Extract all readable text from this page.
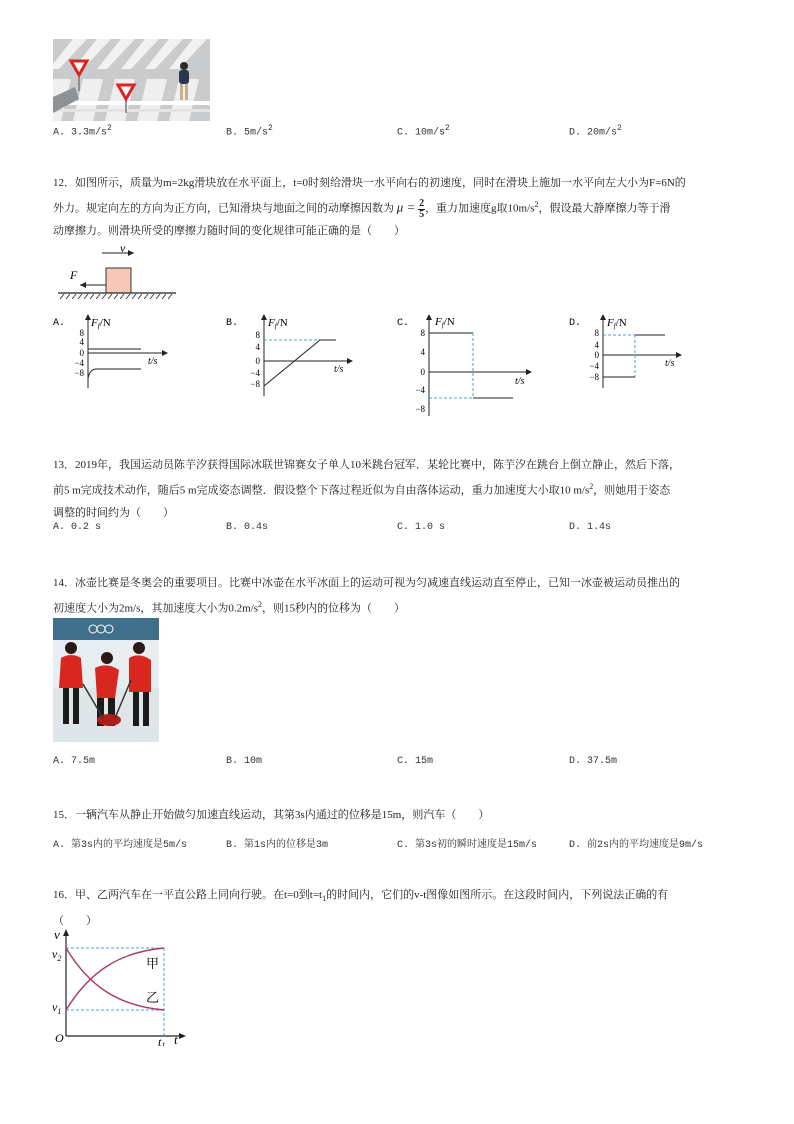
A. $3.3m/s^2$	B. $5m/s^2$	C. $10m/s^2$	D. $20m/s^2$
12．如图所示，质量为m=2kg滑块放在水平面上，t=0时刻给滑块一水平向右的初速度，同时在滑块上施加一水平向左大小为F=6N的
外力。规定向左的方向为正方向，已知滑块与地面之间的动摩擦因数为 $\mu = \frac{2}{5}$ ，重力加速度g取$10m/s^2$，假设最大静摩擦力等于滑
动摩擦力。则滑块所受的摩擦力随时间的变化规律可能正确的是（　　）
v
F
A. Ff/N
8
4
0
−4
−8
t/s
B.	Ff/N
8
4
0
−4
−8
t/s
C. Ff/N
8
4
0
−4
−8
t/s
D. Ff/N
8
4
0
−4
−8
t/s
13．2019年，我国运动员陈芋汐获得国际冰联世锦赛女子单人10米跳台冠军．某轮比赛中，陈芋汐在跳台上倒立静止，然后下落，
前5 m完成技术动作，随后5 m完成姿态调整．假设整个下落过程近似为自由落体运动，重力加速度大小取10 $m/s^2$，则她用于姿态
调整的时间约为（　　）
A. 0.2 s	B. 0.4s	C. 1.0 s	D. 1.4s
14．冰壶比赛是冬奥会的重要项目。比赛中冰壶在水平冰面上的运动可视为匀减速直线运动直至停止，已知一冰壶被运动员推出的
初速度大小为2m/s，其加速度大小为$0.2m/s^2$，则15秒内的位移为（　　）
A. 7.5m	B. 10m	C. 15m	D. 37.5m
15．一辆汽车从静止开始做匀加速直线运动，其第3s内通过的位移是15m，则汽车（　　）
A. 第3s内的平均速度是5m/s	B. 第1s内的位移是3m	C. 第3s初的瞬时速度是15m/s	D. 前2s内的平均速度是9m/s
16．甲、乙两汽车在一平直公路上同向行驶。在t=0到$t=t_1$的时间内，它们的v-t图像如图所示。在这段时间内，下列说法正确的有
（　　）
v
$v_2$
$v_1$
O	t1 t
甲
乙
